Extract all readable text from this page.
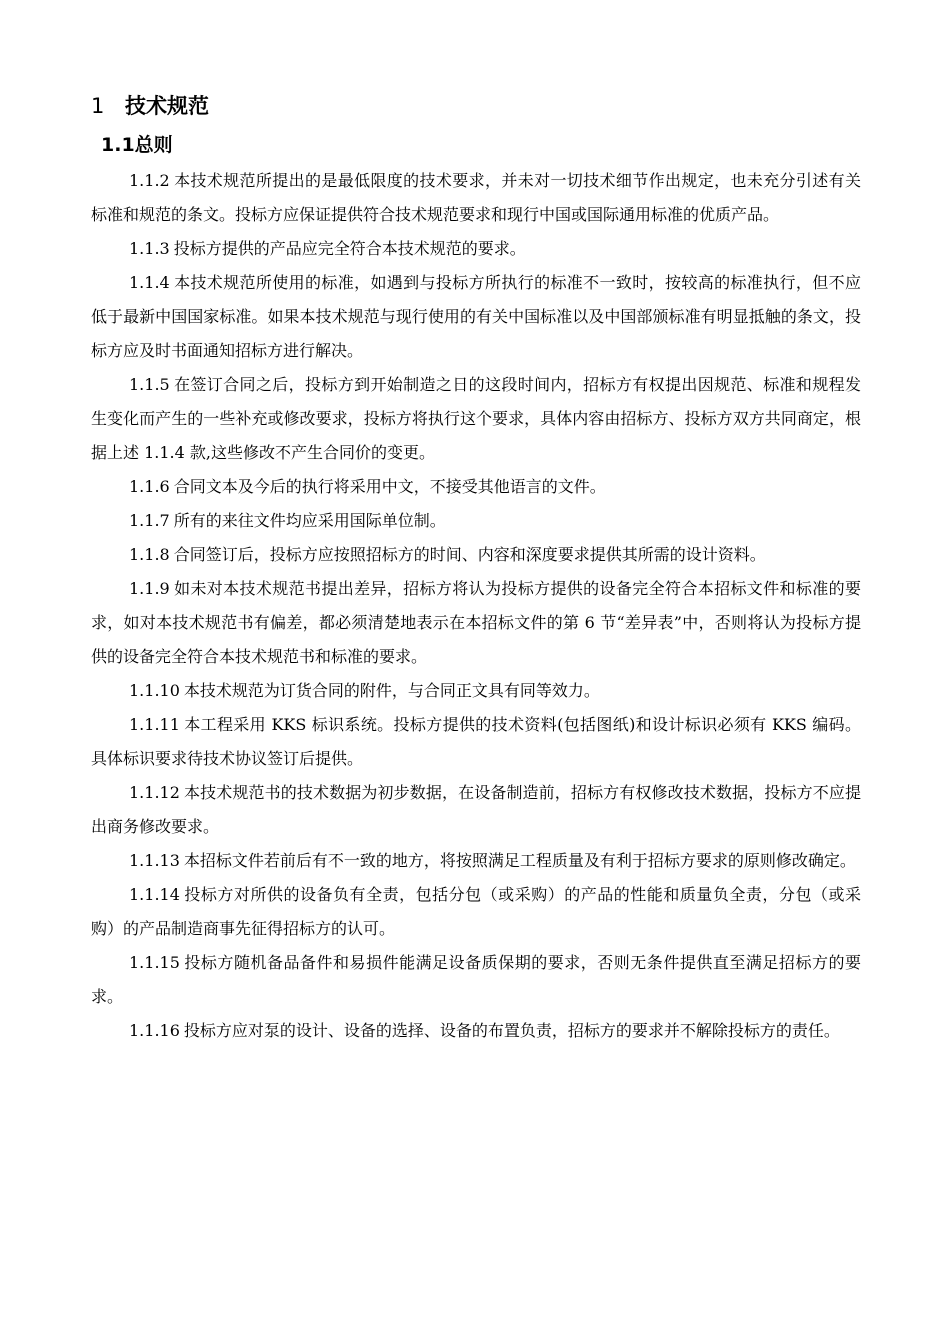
1 技术规范
1.1总则

1.1.2 本技术规范所提出的是最低限度的技术要求，并未对一切技术细节作出规定，也未充分引述有关标准和规范的条文。投标方应保证提供符合技术规范要求和现行中国或国际通用标准的优质产品。

1.1.3 投标方提供的产品应完全符合本技术规范的要求。

1.1.4 本技术规范所使用的标准，如遇到与投标方所执行的标准不一致时，按较高的标准执行，但不应低于最新中国国家标准。如果本技术规范与现行使用的有关中国标准以及中国部颁标准有明显抵触的条文，投标方应及时书面通知招标方进行解决。

1.1.5 在签订合同之后，投标方到开始制造之日的这段时间内，招标方有权提出因规范、标准和规程发生变化而产生的一些补充或修改要求，投标方将执行这个要求，具体内容由招标方、投标方双方共同商定，根据上述 1.1.4 款,这些修改不产生合同价的变更。

1.1.6 合同文本及今后的执行将采用中文，不接受其他语言的文件。

1.1.7 所有的来往文件均应采用国际单位制。

1.1.8 合同签订后，投标方应按照招标方的时间、内容和深度要求提供其所需的设计资料。

1.1.9 如未对本技术规范书提出差异，招标方将认为投标方提供的设备完全符合本招标文件和标准的要求，如对本技术规范书有偏差，都必须清楚地表示在本招标文件的第 6 节“差异表”中，否则将认为投标方提供的设备完全符合本技术规范书和标准的要求。

1.1.10 本技术规范为订货合同的附件，与合同正文具有同等效力。

1.1.11 本工程采用 KKS 标识系统。投标方提供的技术资料(包括图纸)和设计标识必须有 KKS 编码。具体标识要求待技术协议签订后提供。

1.1.12 本技术规范书的技术数据为初步数据，在设备制造前，招标方有权修改技术数据，投标方不应提出商务修改要求。

1.1.13 本招标文件若前后有不一致的地方，将按照满足工程质量及有利于招标方要求的原则修改确定。

1.1.14 投标方对所供的设备负有全责，包括分包（或采购）的产品的性能和质量负全责，分包（或采购）的产品制造商事先征得招标方的认可。

1.1.15 投标方随机备品备件和易损件能满足设备质保期的要求，否则无条件提供直至满足招标方的要求。

1.1.16 投标方应对泵的设计、设备的选择、设备的布置负责，招标方的要求并不解除投标方的责任。
